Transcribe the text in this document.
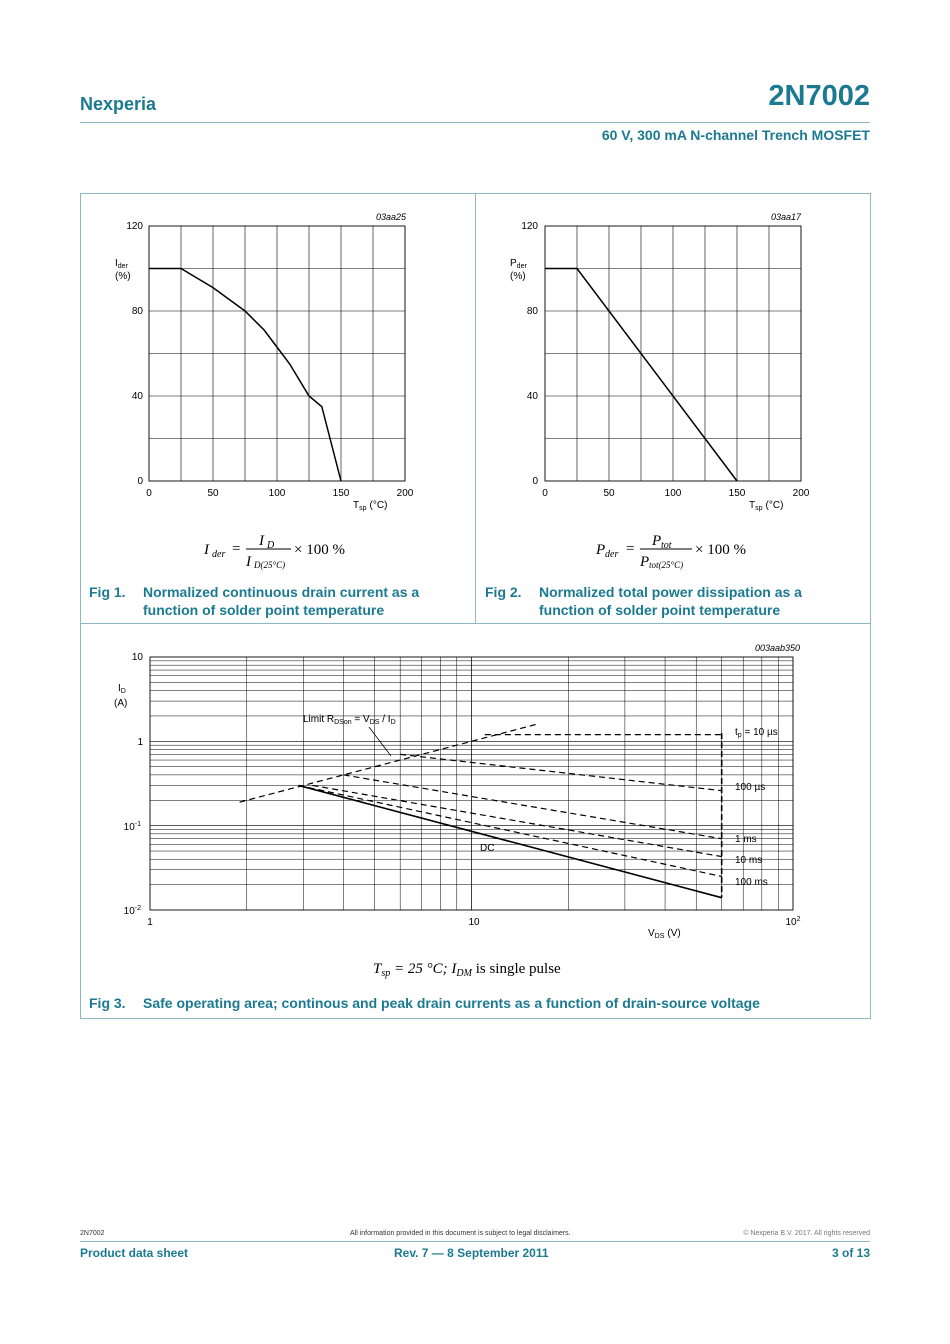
Nexperia	2N7002
60 V, 300 mA N-channel Trench MOSFET
03aa25
120
80
40
0
0	50	100	150	200
$I_{der}$
(%)
$T_{sp}$ (°C)
I der = I D
I D(25°C)
× 100 %
03aa17
120
80
40
0
0	50	100	150	200
$P_{der}$
(%)
$T_{sp}$ (°C)
P der = P tot
P tot(25°C)
× 100 %
003aab350
10
1
$10^{-1}$
$10^{-2}$
1	10	$10^2$
$I_D$
(A)
$V_{DS}$ (V)
Limit $R_{DSon} = V_{DS} / I_D$
$t_p = 10$ µs
100 µs
1 ms
10 ms
100 ms
DC
$T_{sp} = 25$ °C; $I_{DM}$ is single pulse
Fig 1. Normalized continuous drain current as a
function of solder point temperature
Fig 2. Normalized total power dissipation as a
function of solder point temperature
Fig 3. Safe operating area; continous and peak drain currents as a function of drain-source voltage
2N7002	All information provided in this document is subject to legal disclaimers.	© Nexperia B.V. 2017. All rights reserved
Product data sheet	Rev. 7 — 8 September 2011	3 of 13
